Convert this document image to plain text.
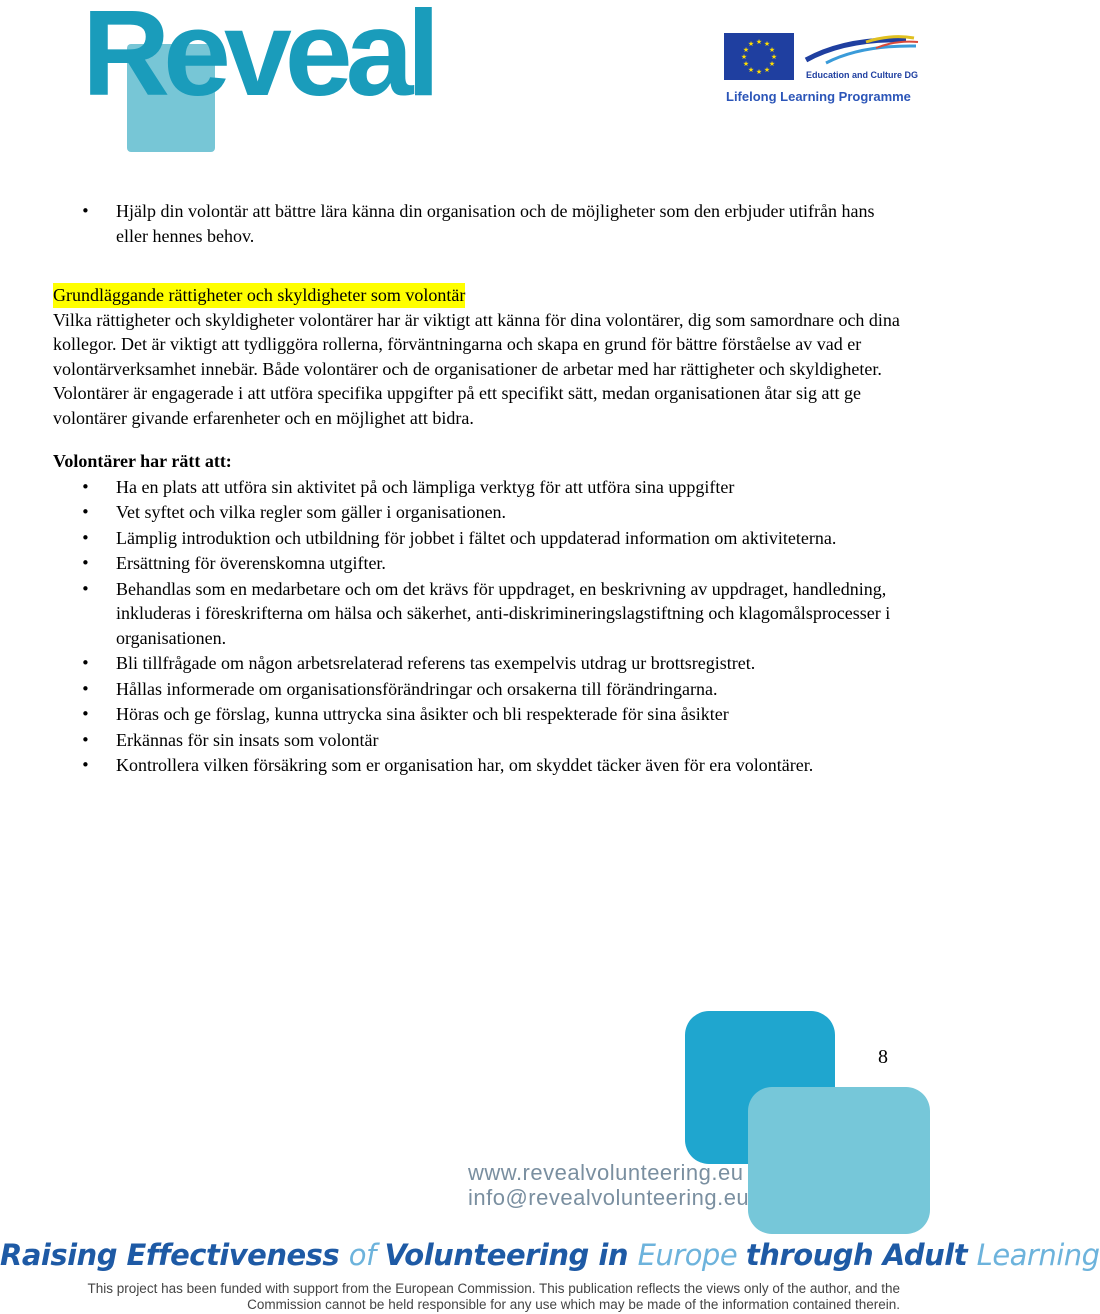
Reveal	★ ★
★
★
★
★
★
★
★
★
★
★
Education and Culture DG
Lifelong Learning Programme
• Hjälp din volontär att bättre lära känna din organisation och de möjligheter som den erbjuder utifrån hans eller hennes behov.
Grundläggande rättigheter och skyldigheter som volontär

Vilka rättigheter och skyldigheter volontärer har är viktigt att känna för dina volontärer, dig som samordnare och dina kollegor. Det är viktigt att tydliggöra rollerna, förväntningarna och skapa en grund för bättre förståelse av vad er volontärverksamhet innebär. Både volontärer och de organisationer de arbetar med har rättigheter och skyldigheter. Volontärer är engagerade i att utföra specifika uppgifter på ett specifikt sätt, medan organisationen åtar sig att ge volontärer givande erfarenheter och en möjlighet att bidra.

Volontärer har rätt att:
• Ha en plats att utföra sin aktivitet på och lämpliga verktyg för att utföra sina uppgifter
• Vet syftet och vilka regler som gäller i organisationen.
• Lämplig introduktion och utbildning för jobbet i fältet och uppdaterad information om aktiviteterna.
• Ersättning för överenskomna utgifter.
• Behandlas som en medarbetare och om det krävs för uppdraget, en beskrivning av uppdraget, handledning, inkluderas i föreskrifterna om hälsa och säkerhet, anti-diskrimineringslagstiftning och klagomålsprocesser i organisationen.
• Bli tillfrågade om någon arbetsrelaterad referens tas exempelvis utdrag ur brottsregistret.
• Hållas informerade om organisationsförändringar och orsakerna till förändringarna.
• Höras och ge förslag, kunna uttrycka sina åsikter och bli respekterade för sina åsikter
• Erkännas för sin insats som volontär
• Kontrollera vilken försäkring som er organisation har, om skyddet täcker även för era volontärer.
8
www.revealvolunteering.eu
info@revealvolunteering.eu
Raising Effectiveness of Volunteering in Europe through Adult Learning
This project has been funded with support from the European Commission. This publication reflects the views only of the author, and the
Commission cannot be held responsible for any use which may be made of the information contained therein.
